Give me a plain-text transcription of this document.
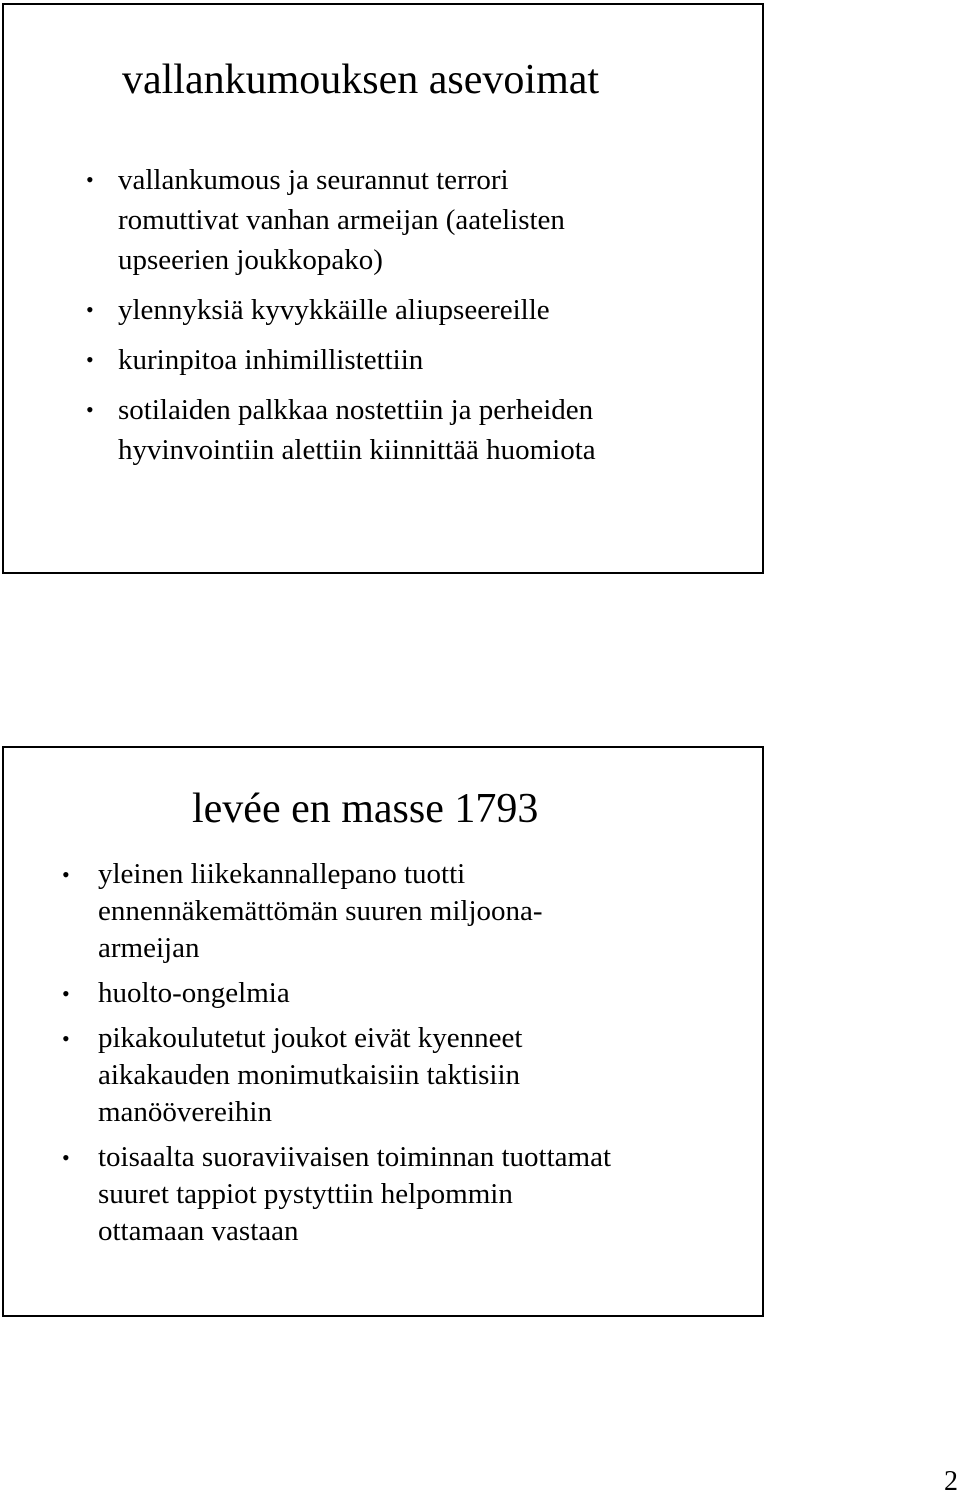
vallankumouksen asevoimat
• vallankumous ja seurannut terrori
romuttivat vanhan armeijan (aatelisten
upseerien joukkopako)
• ylennyksiä kyvykkäille aliupseereille
• kurinpitoa inhimillistettiin
• sotilaiden palkkaa nostettiin ja perheiden
hyvinvointiin alettiin kiinnittää huomiota
levée en masse 1793
• yleinen liikekannallepano tuotti
ennennäkemättömän suuren miljoona-
armeijan
• huolto-ongelmia
• pikakoulutetut joukot eivät kyenneet
aikakauden monimutkaisiin taktisiin
manöövereihin
• toisaalta suoraviivaisen toiminnan tuottamat
suuret tappiot pystyttiin helpommin
ottamaan vastaan
2
